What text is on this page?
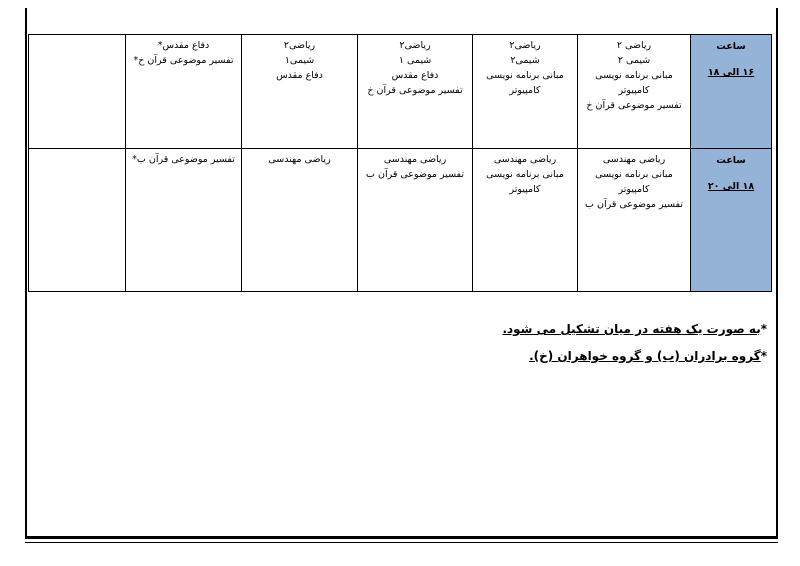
ساعت
۱۶ الی ۱۸	ریاضی ۲
شیمی ۲
مبانی برنامه نویسی
کامپیوتر
تفسیر موضوعی قرآن خ	ریاضی۲
شیمی۲
مبانی برنامه نویسی
کامپیوتر	ریاضی۲
شیمی ۱
دفاع مقدس
تفسیر موضوعی قرآن خ	ریاضی۲
شیمی۱
دفاع مقدس	دفاع مقدس*
تفسیر موضوعی قرآن خ*	

ساعت
۱۸ الی ۲۰	ریاضی مهندسی
مبانی برنامه نویسی
کامپیوتر
تفسیر موضوعی قرآن ب	ریاضی مهندسی
مبانی برنامه نویسی
کامپیوتر	ریاضی مهندسی
تفسیر موضوعی قرآن ب	ریاضی مهندسی	تفسیر موضوعی قرآن ب*	

*به صورت یک هفته در میان تشکیل می شود.
*گروه برادران (ب) و گروه خواهران (خ).
